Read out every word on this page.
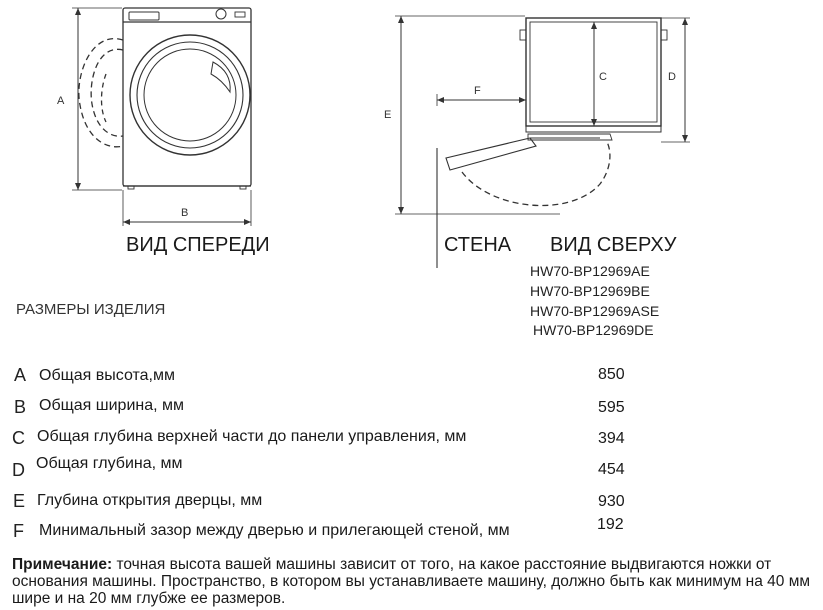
A
B
E
F
C	D
ВИД СПЕРЕДИ	СТЕНА ВИД СВЕРХУ
HW70-BP12969AE
HW70-BP12969BE
HW70-BP12969ASE
HW70-BP12969DE
РАЗМЕРЫ ИЗДЕЛИЯ
A Общая высота,мм	850
B Общая ширина, мм	595
C Общая глубина верхней части до панели управления, мм	394
D Общая глубина, мм	454
E Глубина открытия дверцы, мм	930
F Минимальный зазор между дверью и прилегающей стеной, мм	192
Примечание: точная высота вашей машины зависит от того, на какое расстояние выдвигаются ножки от основания машины. Пространство, в котором вы устанавливаете машину, должно быть как минимум на 40 мм шире и на 20 мм глубже ее размеров.
